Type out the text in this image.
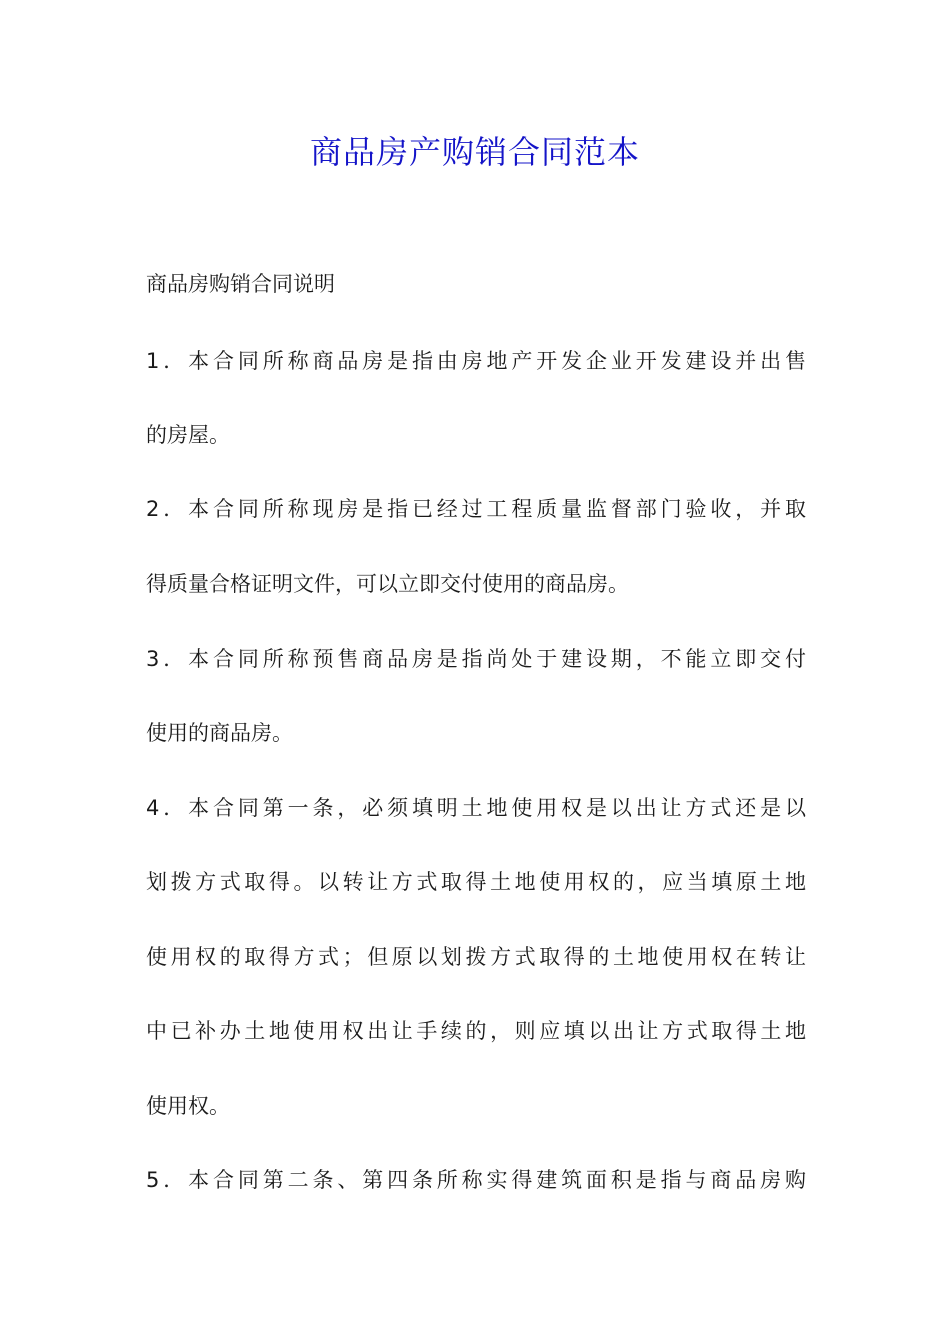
商品房产购销合同范本
商品房购销合同说明
1．本合同所称商品房是指由房地产开发企业开发建设并出售
的房屋。
2．本合同所称现房是指已经过工程质量监督部门验收，并取
得质量合格证明文件，可以立即交付使用的商品房。
3．本合同所称预售商品房是指尚处于建设期，不能立即交付
使用的商品房。
4．本合同第一条，必须填明土地使用权是以出让方式还是以
划拨方式取得。以转让方式取得土地使用权的，应当填原土地
使用权的取得方式；但原以划拨方式取得的土地使用权在转让
中已补办土地使用权出让手续的，则应填以出让方式取得土地
使用权。
5．本合同第二条、第四条所称实得建筑面积是指与商品房购
